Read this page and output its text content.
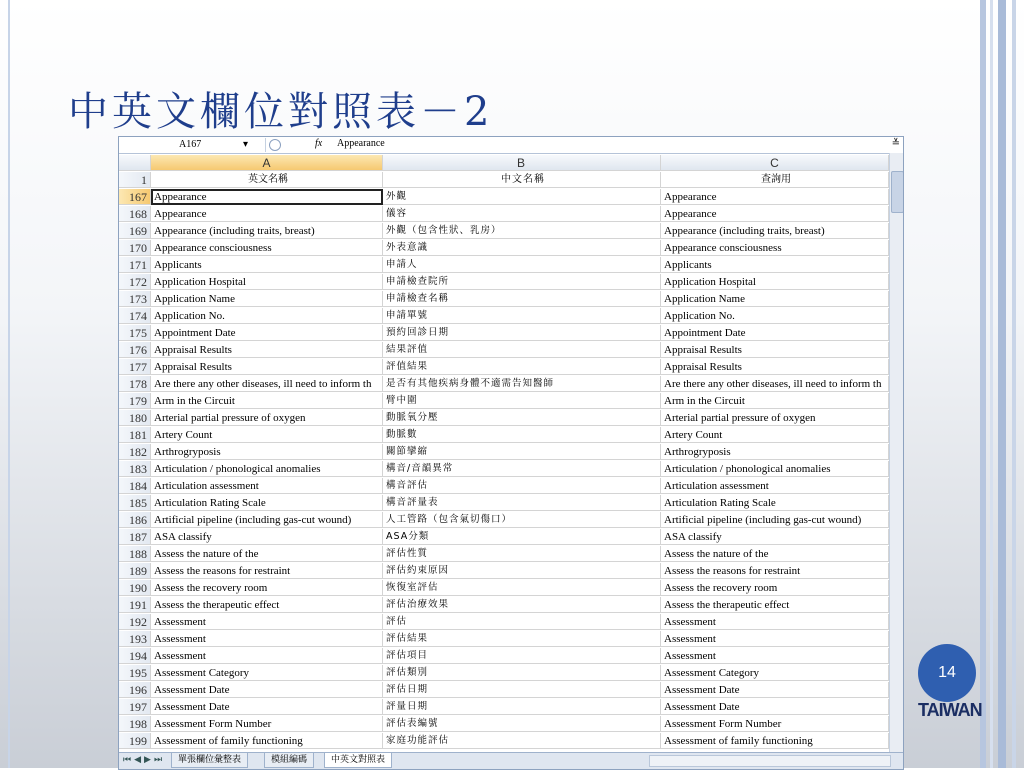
中英文欄位對照表－2
A167	▾	fx Appearance	≚
A	B	C
1	英文名稱	中文名稱	查詢用
167 Appearance	外觀	Appearance
168 Appearance	儀容	Appearance
169 Appearance (including traits, breast)	外觀（包含性狀、乳房）	Appearance (including traits, breast)
170 Appearance consciousness	外表意識	Appearance consciousness
171 Applicants	申請人	Applicants
172 Application Hospital	申請檢查院所	Application Hospital
173 Application Name	申請檢查名稱	Application Name
174 Application No.	申請單號	Application No.
175 Appointment Date	預約回診日期	Appointment Date
176 Appraisal Results	結果評值	Appraisal Results
177 Appraisal Results	評值結果	Appraisal Results
178 Are there any other diseases, ill need to inform th	是否有其他疾病身體不適需告知醫師	Are there any other diseases, ill need to inform th
179 Arm in the Circuit	臂中圍	Arm in the Circuit
180 Arterial partial pressure of oxygen	動脈氧分壓	Arterial partial pressure of oxygen
181 Artery Count	動脈數	Artery Count
182 Arthrogryposis	關節攣縮	Arthrogryposis
183 Articulation / phonological anomalies	構音/音韻異常	Articulation / phonological anomalies
184 Articulation assessment	構音評估	Articulation assessment
185 Articulation Rating Scale	構音評量表	Articulation Rating Scale
186 Artificial pipeline (including gas-cut wound)	人工管路（包含氣切傷口）	Artificial pipeline (including gas-cut wound)
187 ASA classify	ASA分類	ASA classify
188 Assess the nature of the	評估性質	Assess the nature of the
189 Assess the reasons for restraint	評估約束原因	Assess the reasons for restraint
190 Assess the recovery room	恢復室評估	Assess the recovery room
191 Assess the therapeutic effect	評估治療效果	Assess the therapeutic effect
192 Assessment	評估	Assessment
193 Assessment	評估結果	Assessment
194 Assessment	評估項目	Assessment
195 Assessment Category	評估類別	Assessment Category
196 Assessment Date	評估日期	Assessment Date
197 Assessment Date	評量日期	Assessment Date
198 Assessment Form Number	評估表編號	Assessment Form Number
199 Assessment of family functioning	家庭功能評估	Assessment of family functioning
⏮◀▶⏭	單張欄位彙整表	模組編碼	中英文對照表
14
TAIWAN
